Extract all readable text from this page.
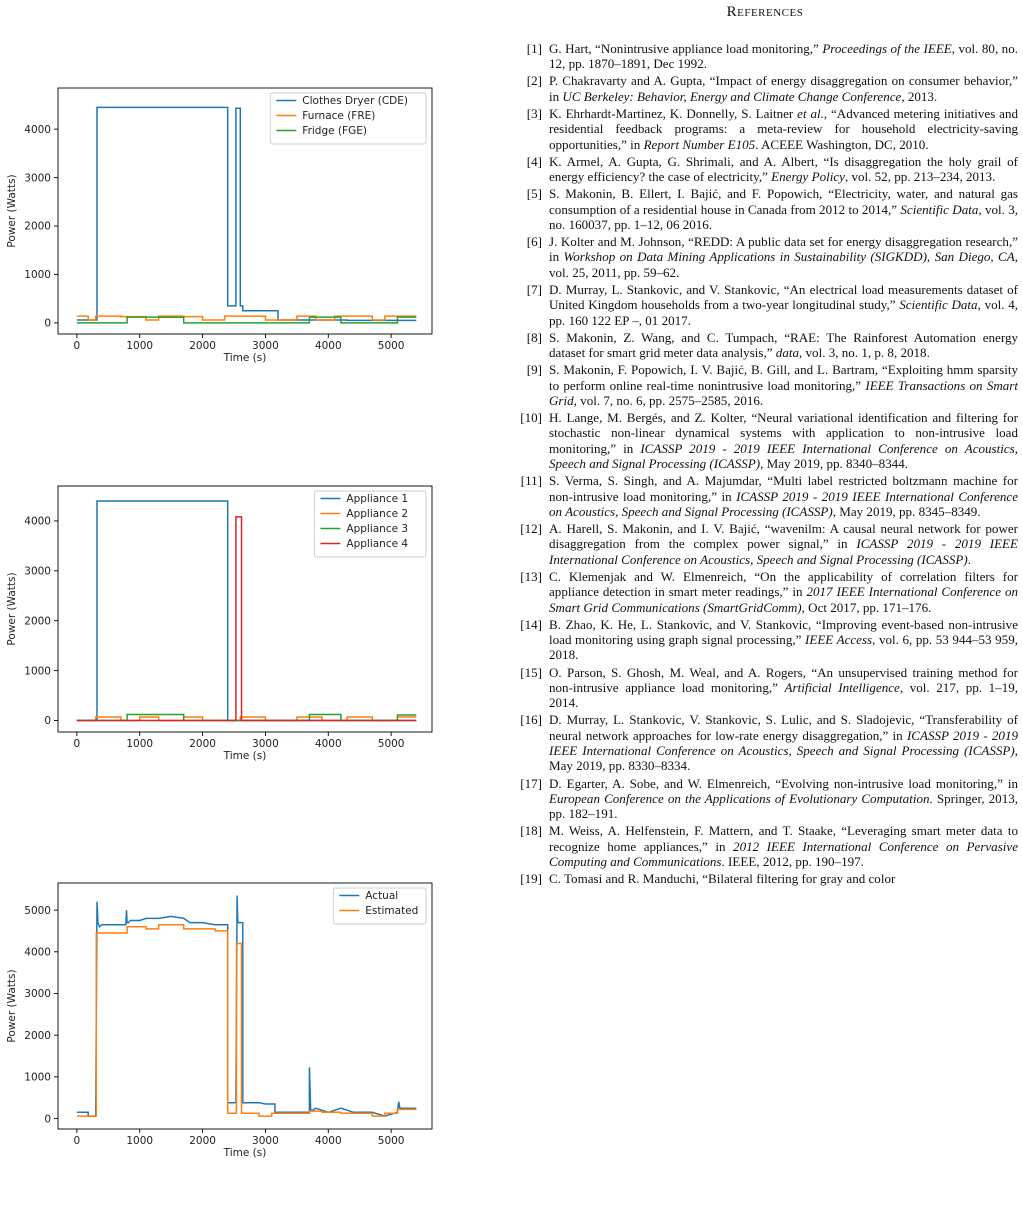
0	1000	2000	3000	4000	5000
0
1000
2000
3000
4000
Time (s)
Power (Watts)
Clothes Dryer (CDE)
Furnace (FRE)
Fridge (FGE)
0	1000	2000	3000	4000	5000
0
1000
2000
3000
4000
Time (s)
Power (Watts)
Appliance 1
Appliance 2
Appliance 3
Appliance 4
0	1000	2000	3000	4000	5000
0
1000
2000
3000
4000
5000
Time (s)
Power (Watts)
Actual
Estimated
References
[1] G. Hart, “Nonintrusive appliance load monitoring,” Proceedings of the IEEE, vol. 80, no. 12, pp. 1870–1891, Dec 1992.
[2] P. Chakravarty and A. Gupta, “Impact of energy disaggregation on consumer behavior,” in UC Berkeley: Behavior, Energy and Climate Change Conference, 2013.
[3] K. Ehrhardt-Martinez, K. Donnelly, S. Laitner et al., “Advanced metering initiatives and residential feedback programs: a meta-review for household electricity-saving opportunities,” in Report Number E105. ACEEE Washington, DC, 2010.
[4] K. Armel, A. Gupta, G. Shrimali, and A. Albert, “Is disaggregation the holy grail of energy efficiency? the case of electricity,” Energy Policy, vol. 52, pp. 213–234, 2013.
[5] S. Makonin, B. Ellert, I. Bajić, and F. Popowich, “Electricity, water, and natural gas consumption of a residential house in Canada from 2012 to 2014,” Scientific Data, vol. 3, no. 160037, pp. 1–12, 06 2016.
[6] J. Kolter and M. Johnson, “REDD: A public data set for energy disaggregation research,” in Workshop on Data Mining Applications in Sustainability (SIGKDD), San Diego, CA, vol. 25, 2011, pp. 59–62.
[7] D. Murray, L. Stankovic, and V. Stankovic, “An electrical load measurements dataset of United Kingdom households from a two-year longitudinal study,” Scientific Data, vol. 4, pp. 160 122 EP –, 01 2017.
[8] S. Makonin, Z. Wang, and C. Tumpach, “RAE: The Rainforest Automation energy dataset for smart grid meter data analysis,” data, vol. 3, no. 1, p. 8, 2018.
[9] S. Makonin, F. Popowich, I. V. Bajić, B. Gill, and L. Bartram, “Exploiting hmm sparsity to perform online real-time nonintrusive load monitoring,” IEEE Transactions on Smart Grid, vol. 7, no. 6, pp. 2575–2585, 2016.
[10] H. Lange, M. Bergés, and Z. Kolter, “Neural variational identification and filtering for stochastic non-linear dynamical systems with application to non-intrusive load monitoring,” in ICASSP 2019 - 2019 IEEE International Conference on Acoustics, Speech and Signal Processing (ICASSP), May 2019, pp. 8340–8344.
[11] S. Verma, S. Singh, and A. Majumdar, “Multi label restricted boltzmann machine for non-intrusive load monitoring,” in ICASSP 2019 - 2019 IEEE International Conference on Acoustics, Speech and Signal Processing (ICASSP), May 2019, pp. 8345–8349.
[12] A. Harell, S. Makonin, and I. V. Bajić, “wavenilm: A causal neural network for power disaggregation from the complex power signal,” in ICASSP 2019 - 2019 IEEE International Conference on Acoustics, Speech and Signal Processing (ICASSP).
[13] C. Klemenjak and W. Elmenreich, “On the applicability of correlation filters for appliance detection in smart meter readings,” in 2017 IEEE International Conference on Smart Grid Communications (SmartGridComm), Oct 2017, pp. 171–176.
[14] B. Zhao, K. He, L. Stankovic, and V. Stankovic, “Improving event-based non-intrusive load monitoring using graph signal processing,” IEEE Access, vol. 6, pp. 53 944–53 959, 2018.
[15] O. Parson, S. Ghosh, M. Weal, and A. Rogers, “An unsupervised training method for non-intrusive appliance load monitoring,” Artificial Intelligence, vol. 217, pp. 1–19, 2014.
[16] D. Murray, L. Stankovic, V. Stankovic, S. Lulic, and S. Sladojevic, “Transferability of neural network approaches for low-rate energy disaggregation,” in ICASSP 2019 - 2019 IEEE International Conference on Acoustics, Speech and Signal Processing (ICASSP), May 2019, pp. 8330–8334.
[17] D. Egarter, A. Sobe, and W. Elmenreich, “Evolving non-intrusive load monitoring,” in European Conference on the Applications of Evolutionary Computation. Springer, 2013, pp. 182–191.
[18] M. Weiss, A. Helfenstein, F. Mattern, and T. Staake, “Leveraging smart meter data to recognize home appliances,” in 2012 IEEE International Conference on Pervasive Computing and Communications. IEEE, 2012, pp. 190–197.
[19] C. Tomasi and R. Manduchi, “Bilateral filtering for gray and color
